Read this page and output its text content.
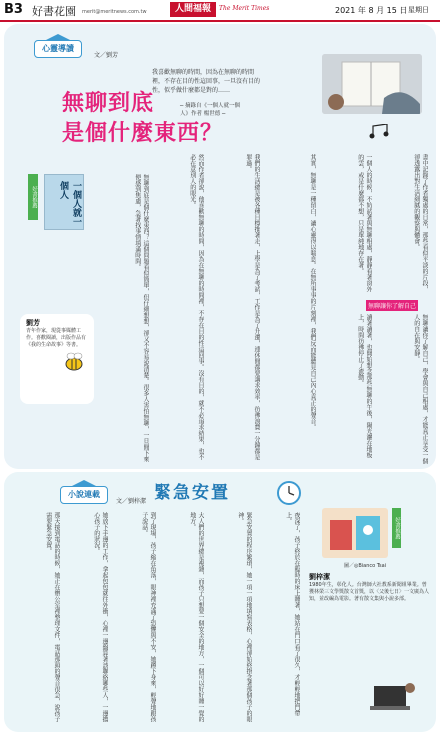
B3 好書花園 merit@meritnews.com.tw	人間福報	The Merit Times	2021 年 8 月 15 日 星期日
心靈導讀
文／劉芳
我喜歡無聊的時間，因為在無聊的時間裡，不存在目的性這回事，一旦沒有目的性，似乎做什麼都是對的……
─ 摘錄自《一個人就一個人》作者 楊世德 ─
無聊到底
是個什麼東西？
一個人就一個人
好書推薦
劉芳
青年作家，現從事媒體工作。喜歡閱讀，出版作品有《我的生命故事》等書。	無聊到底是個什麼東西？這個問題看似簡單，但仔細想想，卻又不容易說清楚。很多人害怕無聊，一旦閒下來便感到焦慮，急著找事情填滿時間。	然而作者卻說，他喜歡無聊的時間，因為在無聊的時間裡，不存在目的性這回事。沒有目的，就不必追求結果，也不必在意別人的眼光。	我們的生活總是被各種目標推著走，上學是為了考試，工作是為了升遷，連休閒都要講求效率，彷彿浪費一分鐘都是罪過。	其實，無聊是一種留白，讓心靈得以喘息。在無所事事的片刻裡，我們反而能聽見自己內心真正的聲音。	一個人的時候，不妨試著與無聊相處，靜靜看著窗外的雲，或是什麼都不想，只是單純地存在著。	書中記錄了作者獨處的日常，那些看似平淡的片段，卻透露出對生活細膩的觀察與體會。
無聊讓你了解自己
讀著讀著，也開始想念那些無聊的午後，陽光灑在地板上，時間彷彿停止了流動。	無聊讓你了解自己，學會與自己相處，才能真正享受一個人的自在與安靜。
小說連載
文／劉梓潔 緊急安置
好書推薦
圖／◎Bianco Tsai
劉梓潔
1980年生，彰化人。台灣師大社教系新聞組畢業。曾獲林榮三文學獎散文首獎，以〈父後七日〉一文廣為人知，並改編為電影。著有散文集與小說多部。
那天接到電話的時候，她正在辦公室裡整理文件，電話那頭的聲音很急，說孩子需要緊急安置。	她放下手邊的工作，拿起包包就往外衝，心裡一邊盤算著該聯絡哪些人，一邊擔心孩子的狀況。	到了現場，孩子縮在角落，眼神裡充滿了恐懼與不安，她蹲下身來，輕聲地跟孩子說話。	大人們的世界總是複雜，而孩子只想要一個安全的地方，一個可以好好睡一覺的地方。	緊急安置的程序繁瑣，她一項一項地填寫表格，心裡卻始終掛念著那個孩子的眼神。	夜深了，孩子終於在臨時的床上睡著，她站在門口看了很久，才輕輕地把門帶上。
